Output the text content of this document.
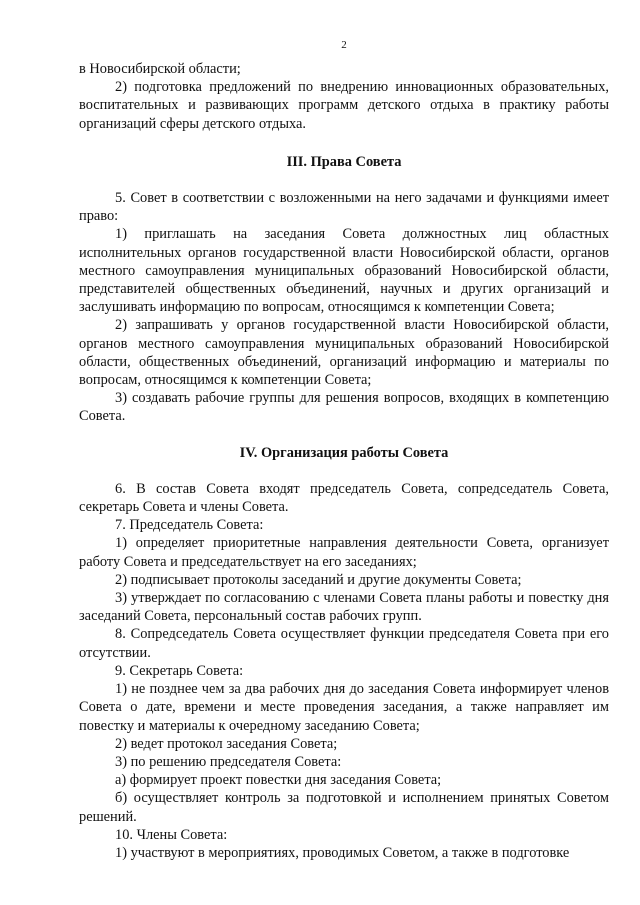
2

в Новосибирской области;

2) подготовка предложений по внедрению инновационных образовательных, воспитательных и развивающих программ детского отдыха в практику работы организаций сферы детского отдыха.

III. Права Совета

5. Совет в соответствии с возложенными на него задачами и функциями имеет право:

1) приглашать на заседания Совета должностных лиц областных исполнительных органов государственной власти Новосибирской области, органов местного самоуправления муниципальных образований Новосибирской области, представителей общественных объединений, научных и других организаций и заслушивать информацию по вопросам, относящимся к компетенции Совета;

2) запрашивать у органов государственной власти Новосибирской области, органов местного самоуправления муниципальных образований Новосибирской области, общественных объединений, организаций информацию и материалы по вопросам, относящимся к компетенции Совета;

3) создавать рабочие группы для решения вопросов, входящих в компетенцию Совета.

IV. Организация работы Совета

6. В состав Совета входят председатель Совета, сопредседатель Совета, секретарь Совета и члены Совета.

7. Председатель Совета:

1) определяет приоритетные направления деятельности Совета, организует работу Совета и председательствует на его заседаниях;

2) подписывает протоколы заседаний и другие документы Совета;

3) утверждает по согласованию с членами Совета планы работы и повестку дня заседаний Совета, персональный состав рабочих групп.

8. Сопредседатель Совета осуществляет функции председателя Совета при его отсутствии.

9. Секретарь Совета:

1) не позднее чем за два рабочих дня до заседания Совета информирует членов Совета о дате, времени и месте проведения заседания, а также направляет им повестку и материалы к очередному заседанию Совета;

2) ведет протокол заседания Совета;

3) по решению председателя Совета:

а) формирует проект повестки дня заседания Совета;

б) осуществляет контроль за подготовкой и исполнением принятых Советом решений.

10. Члены Совета:

1) участвуют в мероприятиях, проводимых Советом, а также в подготовке
